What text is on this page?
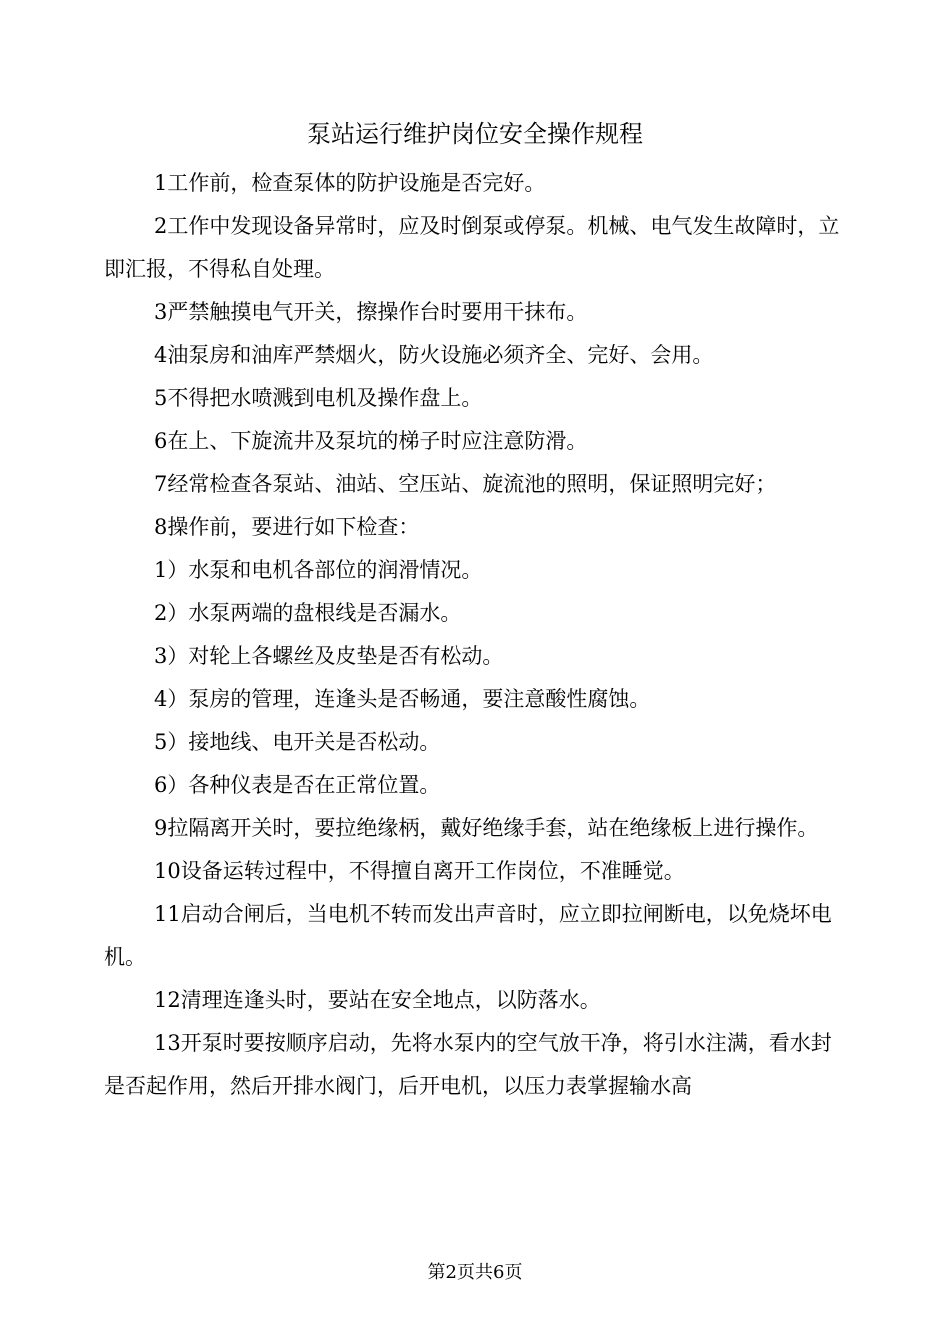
泵站运行维护岗位安全操作规程

1工作前，检查泵体的防护设施是否完好。

2工作中发现设备异常时，应及时倒泵或停泵。机械、电气发生故障时，立即汇报，不得私自处理。

3严禁触摸电气开关，擦操作台时要用干抹布。

4油泵房和油库严禁烟火，防火设施必须齐全、完好、会用。

5不得把水喷溅到电机及操作盘上。

6在上、下旋流井及泵坑的梯子时应注意防滑。

7经常检查各泵站、油站、空压站、旋流池的照明，保证照明完好；

8操作前，要进行如下检查：

1）水泵和电机各部位的润滑情况。

2）水泵两端的盘根线是否漏水。

3）对轮上各螺丝及皮垫是否有松动。

4）泵房的管理，连逢头是否畅通，要注意酸性腐蚀。

5）接地线、电开关是否松动。

6）各种仪表是否在正常位置。

9拉隔离开关时，要拉绝缘柄，戴好绝缘手套，站在绝缘板上进行操作。

10设备运转过程中，不得擅自离开工作岗位，不准睡觉。

11启动合闸后，当电机不转而发出声音时，应立即拉闸断电，以免烧坏电机。

12清理连逢头时，要站在安全地点，以防落水。

13开泵时要按顺序启动，先将水泵内的空气放干净，将引水注满，看水封是否起作用，然后开排水阀门，后开电机，以压力表掌握输水高

第2页共6页
